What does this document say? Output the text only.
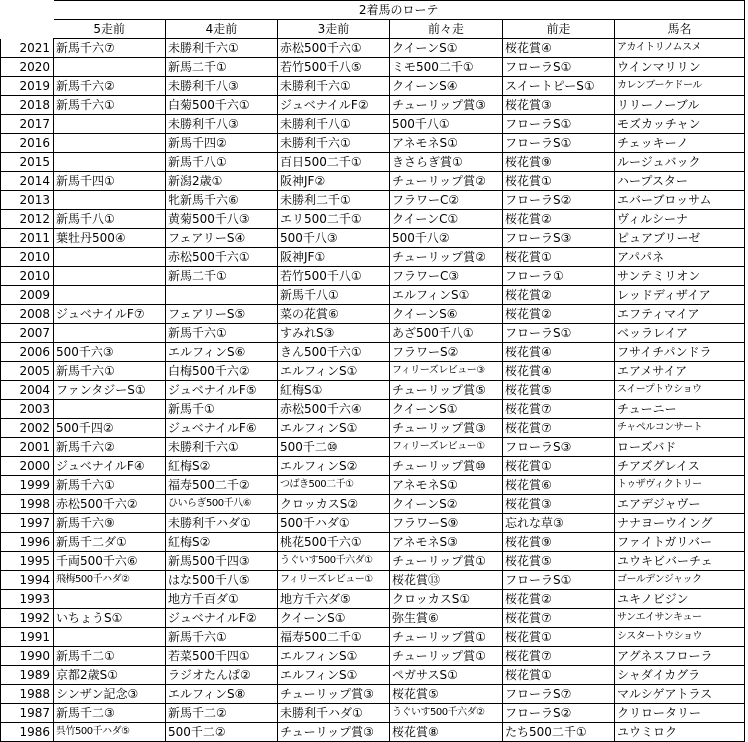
	2着馬のローテ					
	5走前	4走前	3走前	前々走	前走	馬名
2021	新馬千六⑦	未勝利千六①	赤松500千六①	クイーンS①	桜花賞④	アカイトリノムスメ
2020		新馬二千①	若竹500千八⑤	ミモ500二千①	フローラS①	ウインマリリン
2019	新馬千六②	未勝利千八③	未勝利千六①	クイーンS④	スイートピーS①	カレンブーケドール
2018	新馬千六①	白菊500千六①	ジュベナイルF②	チューリップ賞③	桜花賞③	リリーノーブル
2017		未勝利千八③	未勝利千八①	500千八①	フローラS①	モズカッチャン
2016		新馬千四②	未勝利千六①	アネモネS①	フローラS①	チェッキーノ
2015		新馬千八①	百日500二千①	きさらぎ賞①	桜花賞⑨	ルージュバック
2014	新馬千四①	新潟2歳①	阪神JF②	チューリップ賞②	桜花賞①	ハープスター
2013		牝新馬千六⑥	未勝利二千①	フラワーC②	フローラS②	エバーブロッサム
2012	新馬千八①	黄菊500千八③	エリ500二千①	クイーンC①	桜花賞②	ヴィルシーナ
2011	葉牡丹500④	フェアリーS④	500千八③	500千八②	フローラS③	ピュアブリーゼ
2010		赤松500千六①	阪神JF①	チューリップ賞②	桜花賞①	アパパネ
2010		新馬二千①	若竹500千八①	フラワーC③	フローラ①	サンテミリオン
2009			新馬千八①	エルフィンS①	桜花賞②	レッドディザイア
2008	ジュベナイルF⑦	フェアリーS⑤	菜の花賞⑥	クイーンS⑥	桜花賞②	エフティマイア
2007		新馬千六①	すみれS③	あざ500千八①	フローラS①	ベッラレイア
2006	500千六③	エルフィンS⑥	きん500千六①	フラワーS②	桜花賞④	フサイチパンドラ
2005	新馬千六①	白梅500千六②	エルフィンS①	フィリーズレビュー③	桜花賞④	エアメサイア
2004	ファンタジーS①	ジュベナイルF⑤	紅梅S①	チューリップ賞⑤	桜花賞⑤	スイープトウショウ
2003		新馬千①	赤松500千六④	クイーンS①	桜花賞⑦	チューニー
2002	500千四②	ジュベナイルF⑥	エルフィンS①	チューリップ賞③	桜花賞⑦	チャペルコンサート
2001	新馬千六②	未勝利千六①	500千二⑩	フィリーズレビュー①	フローラS③	ローズバド
2000	ジュベナイルF④	紅梅S②	エルフィンS②	チューリップ賞⑩	桜花賞①	チアズグレイス
1999	新馬千六①	福寿500二千②	つばき500二千①	アネモネS①	桜花賞⑥	トゥザヴィクトリー
1998	赤松500千六②	ひいらぎ500千八⑥	クロッカスS②	クイーンS②	桜花賞③	エアデジャヴー
1997	新馬千六⑨	未勝利千ハダ①	500千ハダ①	フラワーS⑨	忘れな草③	ナナヨーウイング
1996	新馬千二ダ①	紅梅S②	桃花500千六①	アネモネS③	桜花賞⑨	ファイトガリバー
1995	千両500千六⑥	新馬500千四③	うぐいす500千六ダ①	チューリップ賞①	桜花賞⑤	ユウキビバーチェ
1994	飛梅500千ハダ②	はな500千八⑤	フィリーズレビュー①	桜花賞⑬	フローラS①	ゴールデンジャック
1993		地方千百ダ①	地方千六ダ⑤	クロッカスS①	桜花賞②	ユキノビジン
1992	いちょうS①	ジュベナイルF②	クイーンS①	弥生賞⑥	桜花賞⑦	サンエイサンキュー
1991		新馬千六①	福寿500二千①	チューリップ賞①	桜花賞①	シスタートウショウ
1990	新馬千二①	若菜500千四①	エルフィンS①	チューリップ賞①	桜花賞⑦	アグネスフローラ
1989	京都2歳S①	ラジオたんぱ②	エルフィンS①	ペガサスS①	桜花賞①	シャダイカグラ
1988	シンザン記念③	エルフィンS⑧	チューリップ賞③	桜花賞⑤	フローラS⑦	マルシゲアトラス
1987	新馬千二③	新馬千二②	未勝利千ハダ①	うぐいす500千六ダ②	フローラS②	クリロータリー
1986	呉竹500千ハダ⑤	500千二②	チューリップ賞③	桜花賞⑧	たち500二千①	ユウミロク
